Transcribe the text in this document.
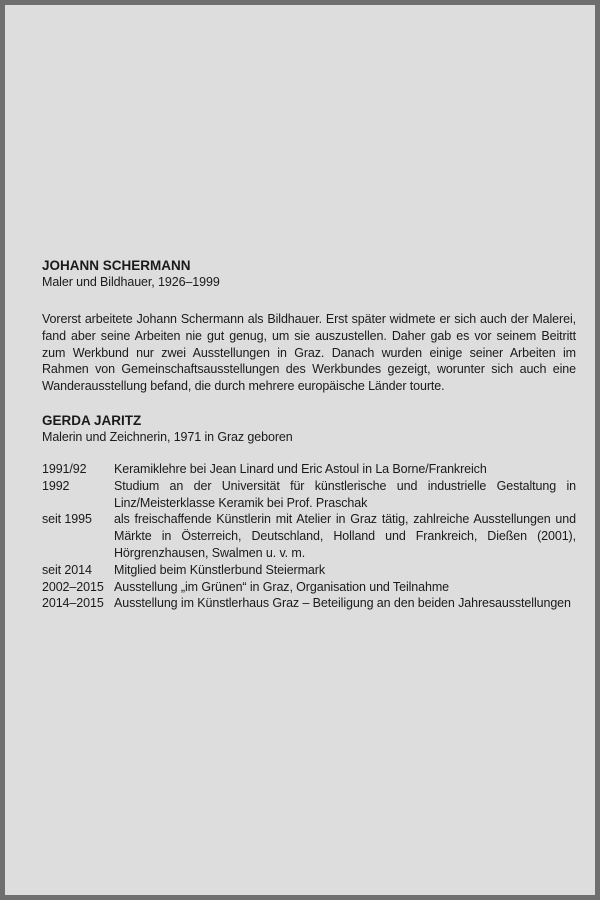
JOHANN SCHERMANN
Maler und Bildhauer, 1926–1999

Vorerst arbeitete Johann Schermann als Bildhauer. Erst später widmete er sich auch der Malerei, fand aber seine Arbeiten nie gut genug, um sie auszustellen. Daher gab es vor seinem Beitritt zum Werkbund nur zwei Ausstellungen in Graz. Danach wurden einige seiner Arbeiten im Rahmen von Gemeinschaftsausstellungen des Werkbundes gezeigt, worunter sich auch eine Wanderausstellung befand, die durch mehrere europäische Länder tourte.

GERDA JARITZ
Malerin und Zeichnerin, 1971 in Graz geboren
1991/92	Keramiklehre bei Jean Linard und Eric Astoul in La Borne/Frankreich
1992	Studium an der Universität für künstlerische und industrielle Gestaltung in Linz/Meisterklasse Keramik bei Prof. Praschak
seit 1995	als freischaffende Künstlerin mit Atelier in Graz tätig, zahlreiche Ausstellungen und Märkte in Österreich, Deutschland, Holland und Frankreich, Dießen (2001), Hörgrenzhausen, Swalmen u. v. m.
seit 2014	Mitglied beim Künstlerbund Steiermark
2002–2015 Ausstellung „im Grünen“ in Graz, Organisation und Teilnahme
2014–2015 Ausstellung im Künstlerhaus Graz – Beteiligung an den beiden Jahresausstellungen
